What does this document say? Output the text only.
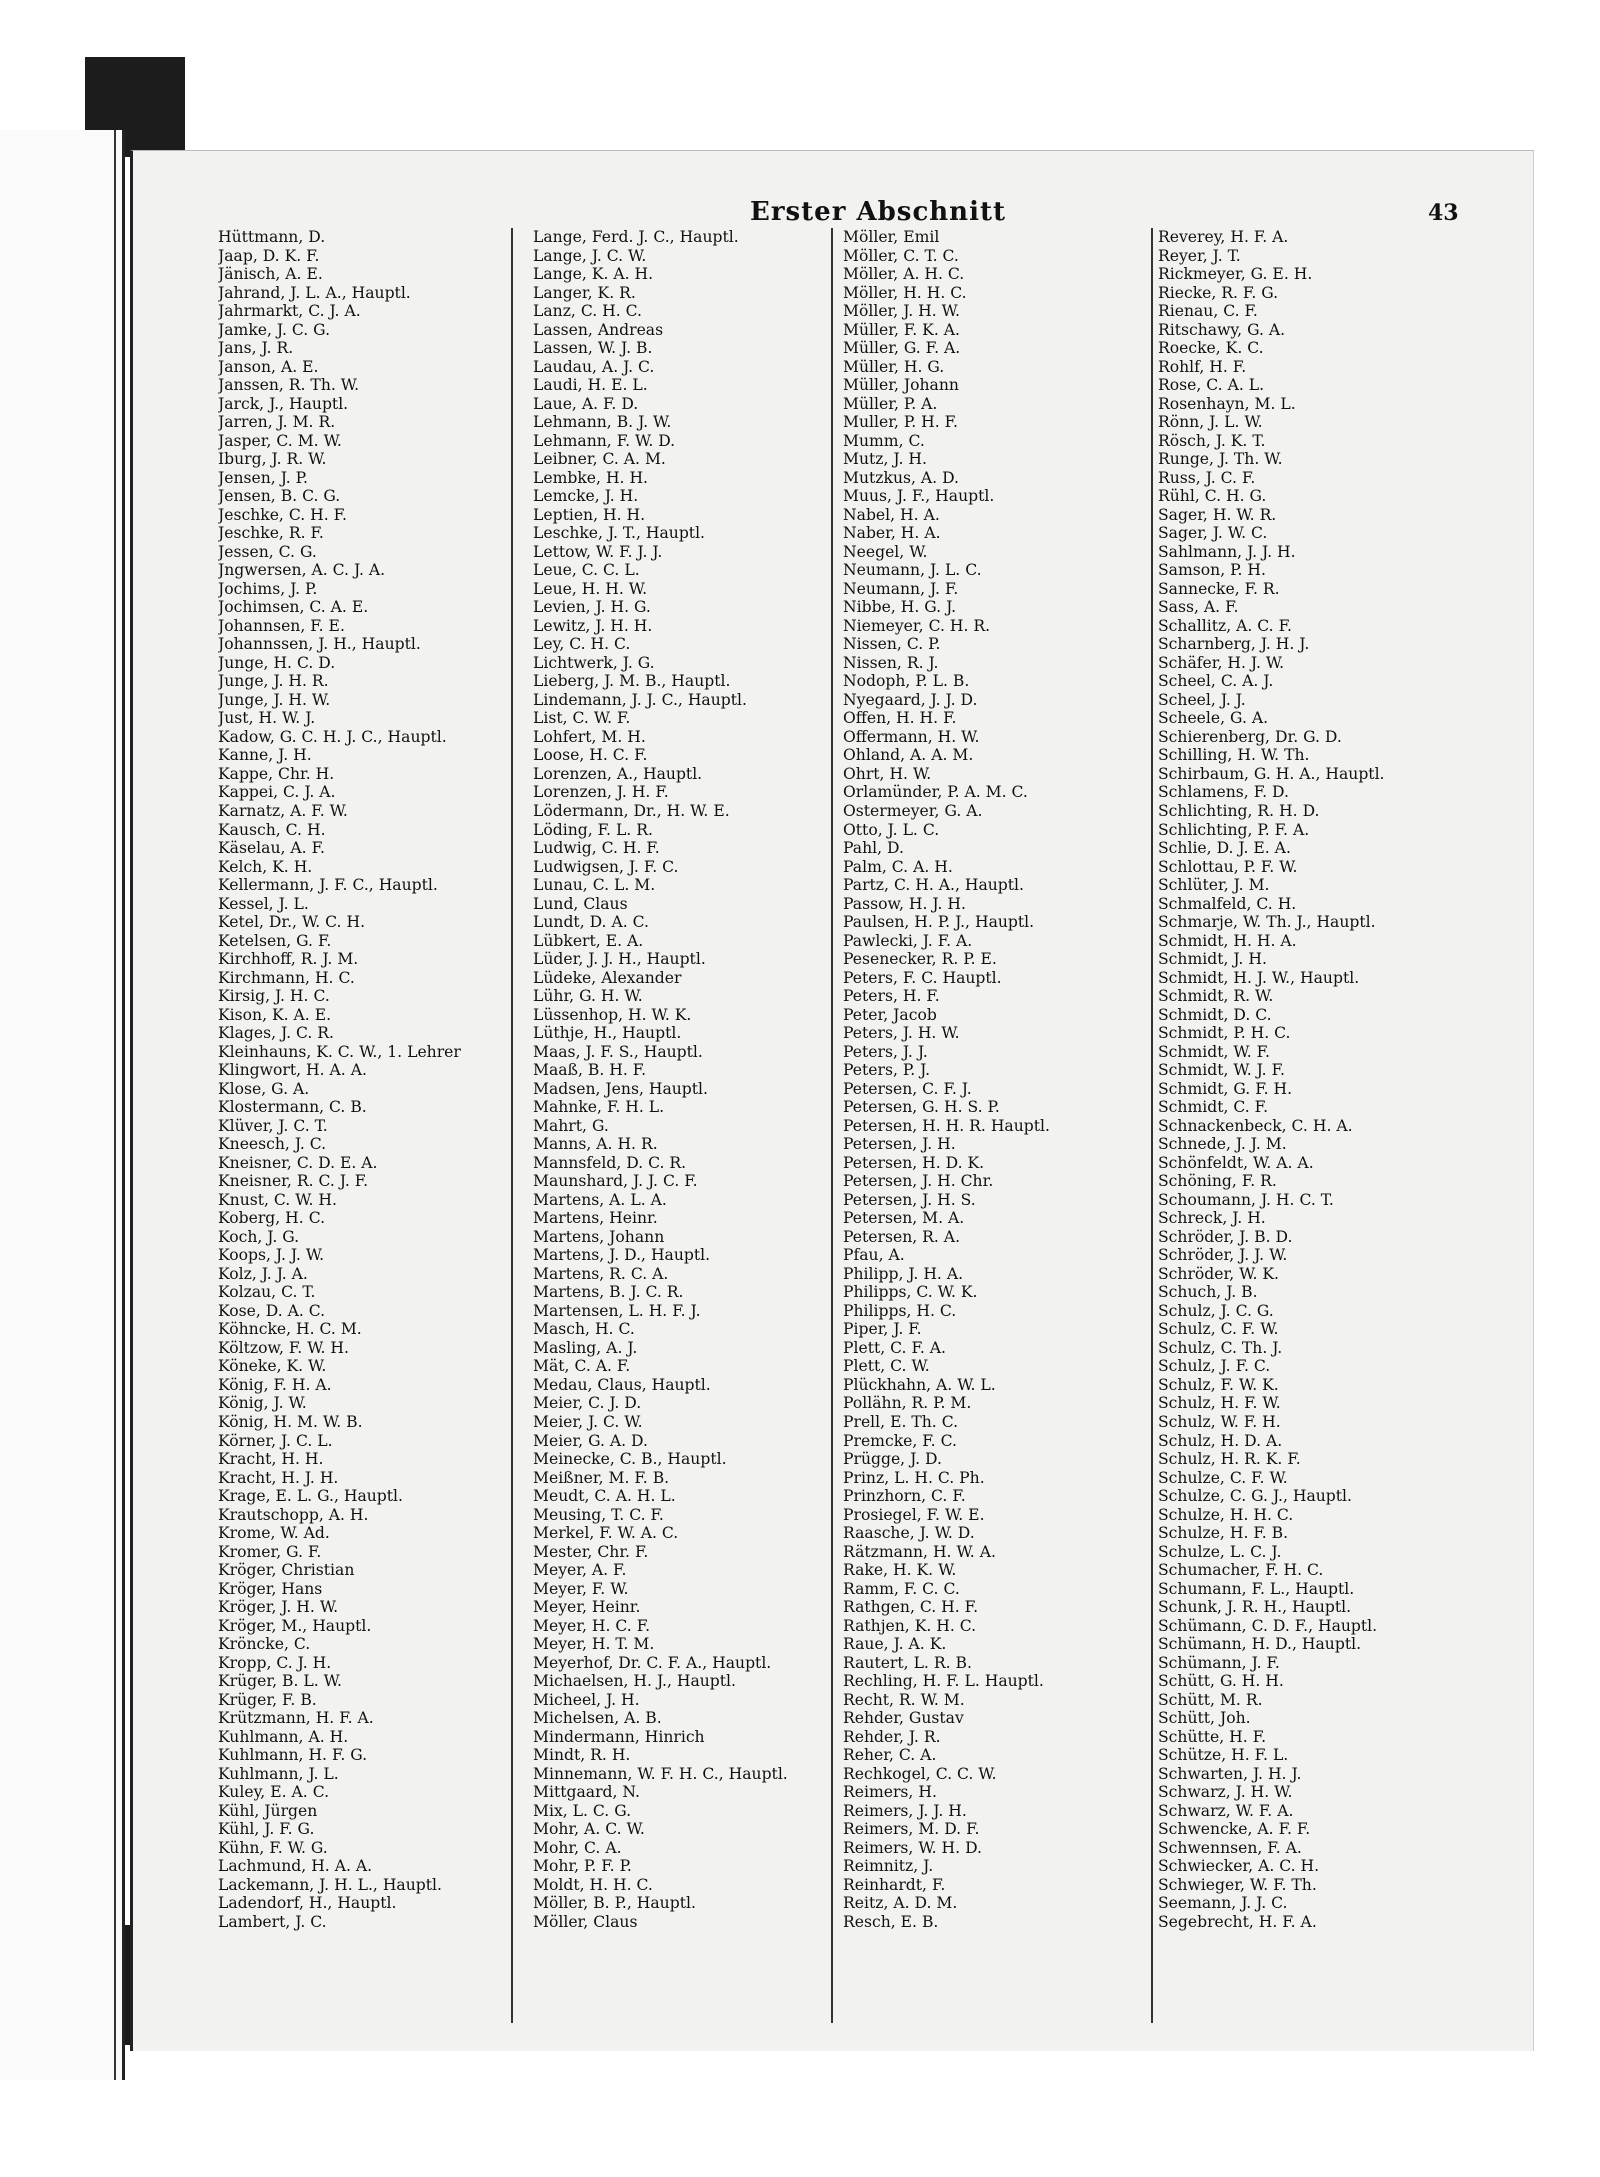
Erster Abschnitt	43
Hüttmann, D.
Jaap, D. K. F.
Jänisch, A. E.
Jahrand, J. L. A., Hauptl.
Jahrmarkt, C. J. A.
Jamke, J. C. G.
Jans, J. R.
Janson, A. E.
Janssen, R. Th. W.
Jarck, J., Hauptl.
Jarren, J. M. R.
Jasper, C. M. W.
Iburg, J. R. W.
Jensen, J. P.
Jensen, B. C. G.
Jeschke, C. H. F.
Jeschke, R. F.
Jessen, C. G.
Jngwersen, A. C. J. A.
Jochims, J. P.
Jochimsen, C. A. E.
Johannsen, F. E.
Johannssen, J. H., Hauptl.
Junge, H. C. D.
Junge, J. H. R.
Junge, J. H. W.
Just, H. W. J.
Kadow, G. C. H. J. C., Hauptl.
Kanne, J. H.
Kappe, Chr. H.
Kappei, C. J. A.
Karnatz, A. F. W.
Kausch, C. H.
Käselau, A. F.
Kelch, K. H.
Kellermann, J. F. C., Hauptl.
Kessel, J. L.
Ketel, Dr., W. C. H.
Ketelsen, G. F.
Kirchhoff, R. J. M.
Kirchmann, H. C.
Kirsig, J. H. C.
Kison, K. A. E.
Klages, J. C. R.
Kleinhauns, K. C. W., 1. Lehrer
Klingwort, H. A. A.
Klose, G. A.
Klostermann, C. B.
Klüver, J. C. T.
Kneesch, J. C.
Kneisner, C. D. E. A.
Kneisner, R. C. J. F.
Knust, C. W. H.
Koberg, H. C.
Koch, J. G.
Koops, J. J. W.
Kolz, J. J. A.
Kolzau, C. T.
Kose, D. A. C.
Köhncke, H. C. M.
Költzow, F. W. H.
Köneke, K. W.
König, F. H. A.
König, J. W.
König, H. M. W. B.
Körner, J. C. L.
Kracht, H. H.
Kracht, H. J. H.
Krage, E. L. G., Hauptl.
Krautschopp, A. H.
Krome, W. Ad.
Kromer, G. F.
Kröger, Christian
Kröger, Hans
Kröger, J. H. W.
Kröger, M., Hauptl.
Kröncke, C.
Kropp, C. J. H.
Krüger, B. L. W.
Krüger, F. B.
Krützmann, H. F. A.
Kuhlmann, A. H.
Kuhlmann, H. F. G.
Kuhlmann, J. L.
Kuley, E. A. C.
Kühl, Jürgen
Kühl, J. F. G.
Kühn, F. W. G.
Lachmund, H. A. A.
Lackemann, J. H. L., Hauptl.
Ladendorf, H., Hauptl.
Lambert, J. C.
Lange, Ferd. J. C., Hauptl.
Lange, J. C. W.
Lange, K. A. H.
Langer, K. R.
Lanz, C. H. C.
Lassen, Andreas
Lassen, W. J. B.
Laudau, A. J. C.
Laudi, H. E. L.
Laue, A. F. D.
Lehmann, B. J. W.
Lehmann, F. W. D.
Leibner, C. A. M.
Lembke, H. H.
Lemcke, J. H.
Leptien, H. H.
Leschke, J. T., Hauptl.
Lettow, W. F. J. J.
Leue, C. C. L.
Leue, H. H. W.
Levien, J. H. G.
Lewitz, J. H. H.
Ley, C. H. C.
Lichtwerk, J. G.
Lieberg, J. M. B., Hauptl.
Lindemann, J. J. C., Hauptl.
List, C. W. F.
Lohfert, M. H.
Loose, H. C. F.
Lorenzen, A., Hauptl.
Lorenzen, J. H. F.
Lödermann, Dr., H. W. E.
Löding, F. L. R.
Ludwig, C. H. F.
Ludwigsen, J. F. C.
Lunau, C. L. M.
Lund, Claus
Lundt, D. A. C.
Lübkert, E. A.
Lüder, J. J. H., Hauptl.
Lüdeke, Alexander
Lühr, G. H. W.
Lüssenhop, H. W. K.
Lüthje, H., Hauptl.
Maas, J. F. S., Hauptl.
Maaß, B. H. F.
Madsen, Jens, Hauptl.
Mahnke, F. H. L.
Mahrt, G.
Manns, A. H. R.
Mannsfeld, D. C. R.
Maunshard, J. J. C. F.
Martens, A. L. A.
Martens, Heinr.
Martens, Johann
Martens, J. D., Hauptl.
Martens, R. C. A.
Martens, B. J. C. R.
Martensen, L. H. F. J.
Masch, H. C.
Masling, A. J.
Mät, C. A. F.
Medau, Claus, Hauptl.
Meier, C. J. D.
Meier, J. C. W.
Meier, G. A. D.
Meinecke, C. B., Hauptl.
Meißner, M. F. B.
Meudt, C. A. H. L.
Meusing, T. C. F.
Merkel, F. W. A. C.
Mester, Chr. F.
Meyer, A. F.
Meyer, F. W.
Meyer, Heinr.
Meyer, H. C. F.
Meyer, H. T. M.
Meyerhof, Dr. C. F. A., Hauptl.
Michaelsen, H. J., Hauptl.
Micheel, J. H.
Michelsen, A. B.
Mindermann, Hinrich
Mindt, R. H.
Minnemann, W. F. H. C., Hauptl.
Mittgaard, N.
Mix, L. C. G.
Mohr, A. C. W.
Mohr, C. A.
Mohr, P. F. P.
Moldt, H. H. C.
Möller, B. P., Hauptl.
Möller, Claus
Möller, Emil
Möller, C. T. C.
Möller, A. H. C.
Möller, H. H. C.
Möller, J. H. W.
Müller, F. K. A.
Müller, G. F. A.
Müller, H. G.
Müller, Johann
Müller, P. A.
Muller, P. H. F.
Mumm, C.
Mutz, J. H.
Mutzkus, A. D.
Muus, J. F., Hauptl.
Nabel, H. A.
Naber, H. A.
Neegel, W.
Neumann, J. L. C.
Neumann, J. F.
Nibbe, H. G. J.
Niemeyer, C. H. R.
Nissen, C. P.
Nissen, R. J.
Nodoph, P. L. B.
Nyegaard, J. J. D.
Offen, H. H. F.
Offermann, H. W.
Ohland, A. A. M.
Ohrt, H. W.
Orlamünder, P. A. M. C.
Ostermeyer, G. A.
Otto, J. L. C.
Pahl, D.
Palm, C. A. H.
Partz, C. H. A., Hauptl.
Passow, H. J. H.
Paulsen, H. P. J., Hauptl.
Pawlecki, J. F. A.
Pesenecker, R. P. E.
Peters, F. C. Hauptl.
Peters, H. F.
Peter, Jacob
Peters, J. H. W.
Peters, J. J.
Peters, P. J.
Petersen, C. F. J.
Petersen, G. H. S. P.
Petersen, H. H. R. Hauptl.
Petersen, J. H.
Petersen, H. D. K.
Petersen, J. H. Chr.
Petersen, J. H. S.
Petersen, M. A.
Petersen, R. A.
Pfau, A.
Philipp, J. H. A.
Philipps, C. W. K.
Philipps, H. C.
Piper, J. F.
Plett, C. F. A.
Plett, C. W.
Plückhahn, A. W. L.
Pollähn, R. P. M.
Prell, E. Th. C.
Premcke, F. C.
Prügge, J. D.
Prinz, L. H. C. Ph.
Prinzhorn, C. F.
Prosiegel, F. W. E.
Raasche, J. W. D.
Rätzmann, H. W. A.
Rake, H. K. W.
Ramm, F. C. C.
Rathgen, C. H. F.
Rathjen, K. H. C.
Raue, J. A. K.
Rautert, L. R. B.
Rechling, H. F. L. Hauptl.
Recht, R. W. M.
Rehder, Gustav
Rehder, J. R.
Reher, C. A.
Rechkogel, C. C. W.
Reimers, H.
Reimers, J. J. H.
Reimers, M. D. F.
Reimers, W. H. D.
Reimnitz, J.
Reinhardt, F.
Reitz, A. D. M.
Resch, E. B.
Reverey, H. F. A.
Reyer, J. T.
Rickmeyer, G. E. H.
Riecke, R. F. G.
Rienau, C. F.
Ritschawy, G. A.
Roecke, K. C.
Rohlf, H. F.
Rose, C. A. L.
Rosenhayn, M. L.
Rönn, J. L. W.
Rösch, J. K. T.
Runge, J. Th. W.
Russ, J. C. F.
Rühl, C. H. G.
Sager, H. W. R.
Sager, J. W. C.
Sahlmann, J. J. H.
Samson, P. H.
Sannecke, F. R.
Sass, A. F.
Schallitz, A. C. F.
Scharnberg, J. H. J.
Schäfer, H. J. W.
Scheel, C. A. J.
Scheel, J. J.
Scheele, G. A.
Schierenberg, Dr. G. D.
Schilling, H. W. Th.
Schirbaum, G. H. A., Hauptl.
Schlamens, F. D.
Schlichting, R. H. D.
Schlichting, P. F. A.
Schlie, D. J. E. A.
Schlottau, P. F. W.
Schlüter, J. M.
Schmalfeld, C. H.
Schmarje, W. Th. J., Hauptl.
Schmidt, H. H. A.
Schmidt, J. H.
Schmidt, H. J. W., Hauptl.
Schmidt, R. W.
Schmidt, D. C.
Schmidt, P. H. C.
Schmidt, W. F.
Schmidt, W. J. F.
Schmidt, G. F. H.
Schmidt, C. F.
Schnackenbeck, C. H. A.
Schnede, J. J. M.
Schönfeldt, W. A. A.
Schöning, F. R.
Schoumann, J. H. C. T.
Schreck, J. H.
Schröder, J. B. D.
Schröder, J. J. W.
Schröder, W. K.
Schuch, J. B.
Schulz, J. C. G.
Schulz, C. F. W.
Schulz, C. Th. J.
Schulz, J. F. C.
Schulz, F. W. K.
Schulz, H. F. W.
Schulz, W. F. H.
Schulz, H. D. A.
Schulz, H. R. K. F.
Schulze, C. F. W.
Schulze, C. G. J., Hauptl.
Schulze, H. H. C.
Schulze, H. F. B.
Schulze, L. C. J.
Schumacher, F. H. C.
Schumann, F. L., Hauptl.
Schunk, J. R. H., Hauptl.
Schümann, C. D. F., Hauptl.
Schümann, H. D., Hauptl.
Schümann, J. F.
Schütt, G. H. H.
Schütt, M. R.
Schütt, Joh.
Schütte, H. F.
Schütze, H. F. L.
Schwarten, J. H. J.
Schwarz, J. H. W.
Schwarz, W. F. A.
Schwencke, A. F. F.
Schwennsen, F. A.
Schwiecker, A. C. H.
Schwieger, W. F. Th.
Seemann, J. J. C.
Segebrecht, H. F. A.
